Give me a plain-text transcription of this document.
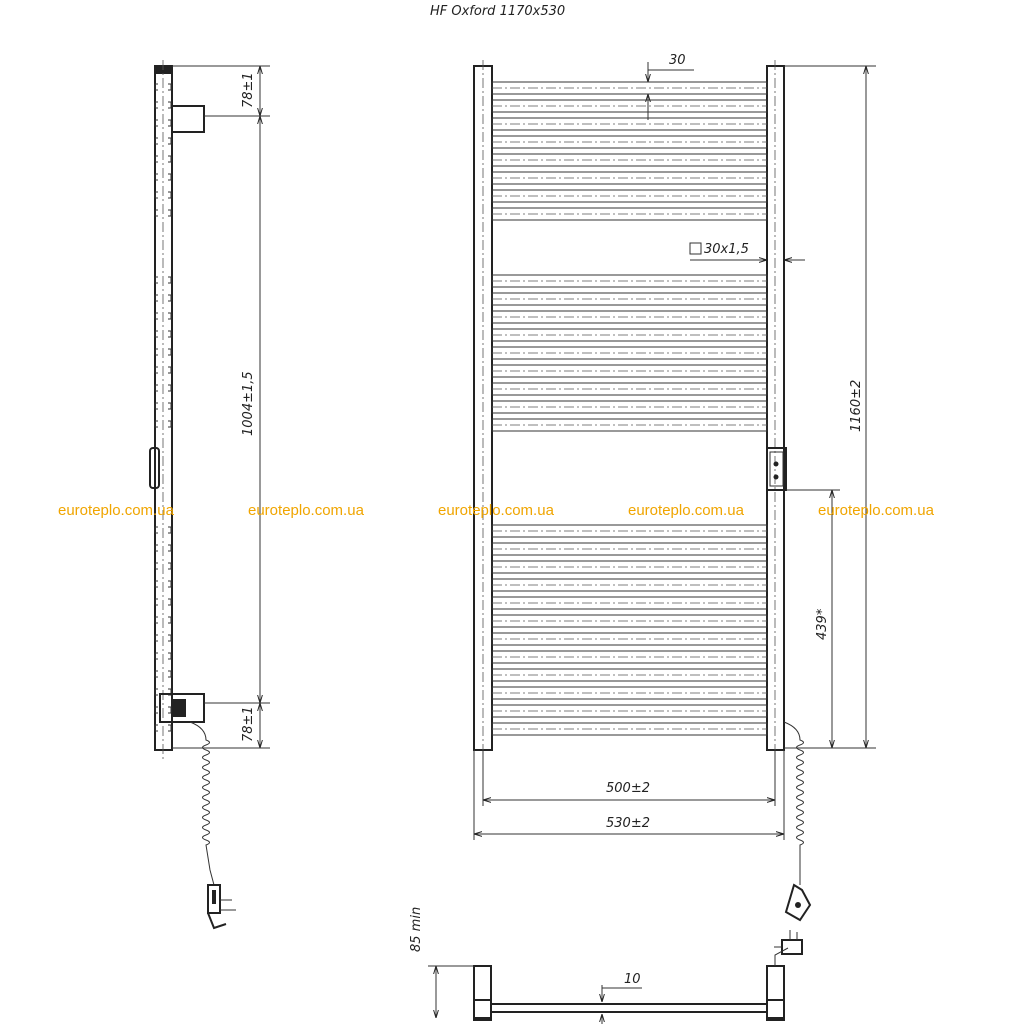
HF Oxford 1170x530
78±1
1004±1,5
78±1
30
30x1,5
1160±2
439*
500±2
530±2
85 min
10
euroteplo.com.ua	euroteplo.com.ua	euroteplo.com.ua	euroteplo.com.ua	euroteplo.com.ua
